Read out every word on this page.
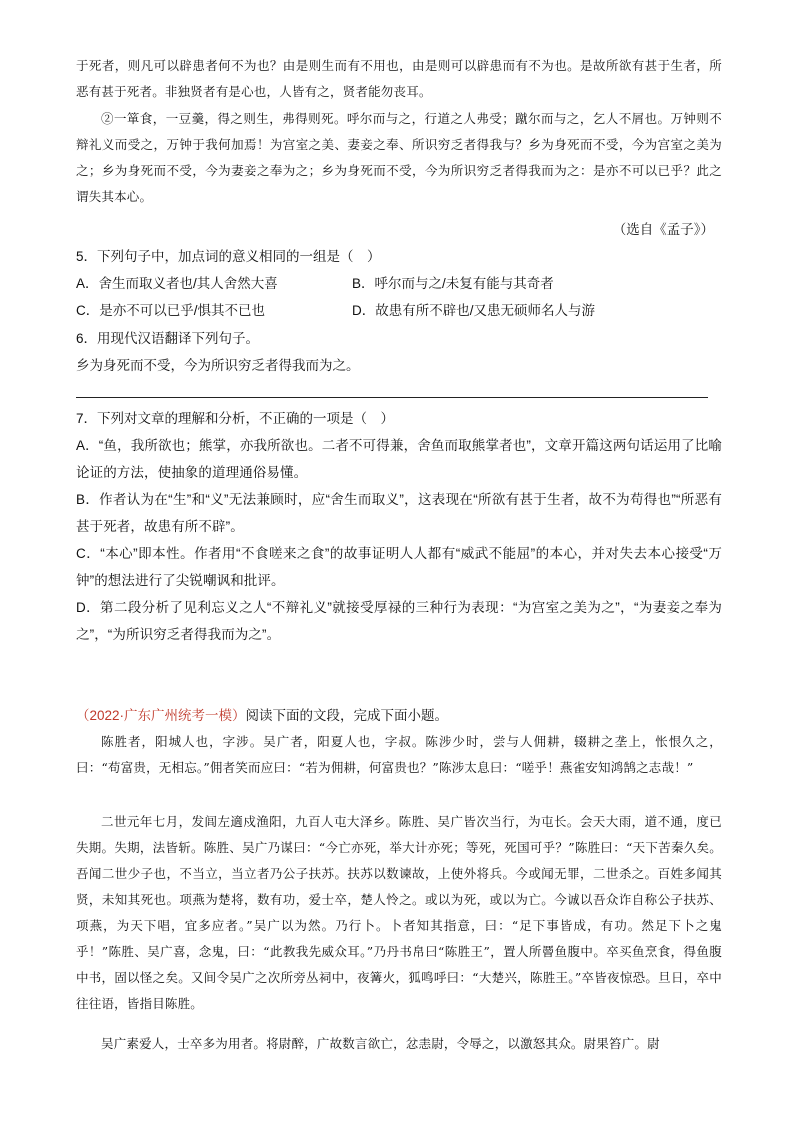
于死者，则凡可以辟患者何不为也？由是则生而有不用也，由是则可以辟患而有不为也。是故所欲有甚于生者，所恶有甚于死者。非独贤者有是心也，人皆有之，贤者能勿丧耳。

②一箪食，一豆羹，得之则生，弗得则死。呼尔而与之，行道之人弗受；蹴尔而与之，乞人不屑也。万钟则不辩礼义而受之，万钟于我何加焉！为宫室之美、妻妾之奉、所识穷乏者得我与？乡为身死而不受，今为宫室之美为之；乡为身死而不受，今为妻妾之奉为之；乡为身死而不受，今为所识穷乏者得我而为之：是亦不可以已乎？此之谓失其本心。

（选自《孟子》）
5．下列句子中，加点词的意义相同的一组是（　）
A．舍生而取义者也/其人舍然大喜	B．呼尔而与之/未复有能与其奇者
C．是亦不可以已乎/惧其不已也	D．故患有所不辟也/又患无硕师名人与游
6．用现代汉语翻译下列句子。
乡为身死而不受，今为所识穷乏者得我而为之。
7．下列对文章的理解和分析，不正确的一项是（　）

A．“鱼，我所欲也；熊掌，亦我所欲也。二者不可得兼，舍鱼而取熊掌者也”，文章开篇这两句话运用了比喻论证的方法，使抽象的道理通俗易懂。

B．作者认为在“生”和“义”无法兼顾时，应“舍生而取义”，这表现在“所欲有甚于生者，故不为苟得也”“所恶有甚于死者，故患有所不辟”。

C．“本心”即本性。作者用“不食嗟来之食”的故事证明人人都有“威武不能屈”的本心，并对失去本心接受“万钟”的想法进行了尖锐嘲讽和批评。

D．第二段分析了见利忘义之人“不辩礼义”就接受厚禄的三种行为表现：“为宫室之美为之”，“为妻妾之奉为之”，“为所识穷乏者得我而为之”。

（2022·广东广州统考一模）阅读下面的文段，完成下面小题。

陈胜者，阳城人也，字涉。吴广者，阳夏人也，字叔。陈涉少时，尝与人佣耕，辍耕之垄上，怅恨久之，曰：“苟富贵，无相忘。”佣者笑而应曰：“若为佣耕，何富贵也？”陈涉太息曰：“嗟乎！燕雀安知鸿鹄之志哉！”

二世元年七月，发闾左適戍渔阳，九百人屯大泽乡。陈胜、吴广皆次当行，为屯长。会天大雨，道不通，度已失期。失期，法皆斩。陈胜、吴广乃谋曰：“今亡亦死，举大计亦死；等死，死国可乎？”陈胜曰：“天下苦秦久矣。吾闻二世少子也，不当立，当立者乃公子扶苏。扶苏以数谏故，上使外将兵。今或闻无罪，二世杀之。百姓多闻其贤，未知其死也。项燕为楚将，数有功，爱士卒，楚人怜之。或以为死，或以为亡。今诚以吾众诈自称公子扶苏、项燕，为天下唱，宜多应者。”吴广以为然。乃行卜。卜者知其指意，曰：“足下事皆成，有功。然足下卜之鬼乎！”陈胜、吴广喜，念鬼，曰：“此教我先威众耳。”乃丹书帛曰“陈胜王”，置人所罾鱼腹中。卒买鱼烹食，得鱼腹中书，固以怪之矣。又间令吴广之次所旁丛祠中，夜篝火，狐鸣呼曰：“大楚兴，陈胜王。”卒皆夜惊恐。旦日，卒中往往语，皆指目陈胜。

吴广素爱人，士卒多为用者。将尉醉，广故数言欲亡，忿恚尉，令辱之，以激怒其众。尉果笞广。尉
